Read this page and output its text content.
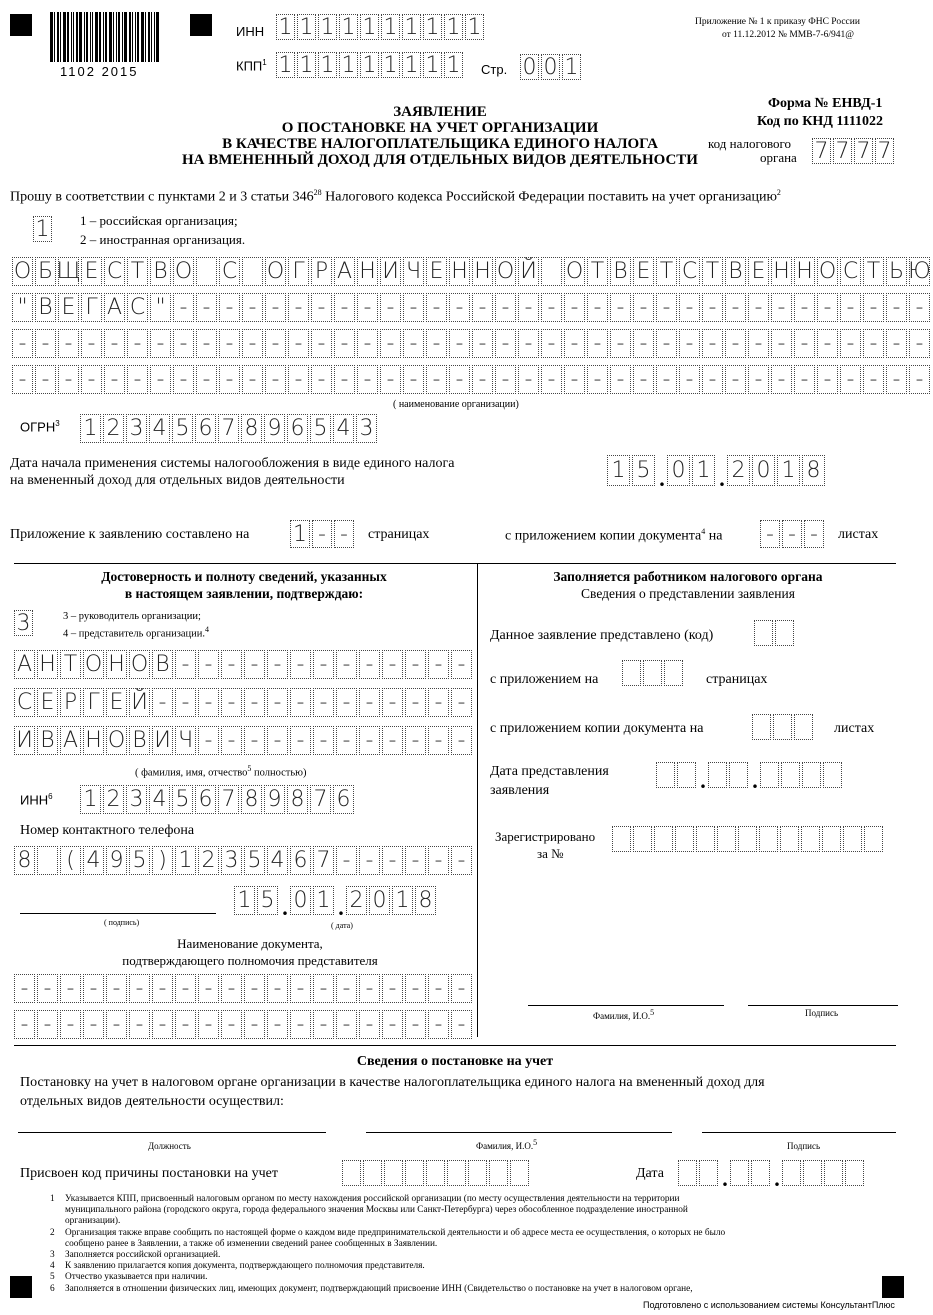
1102 2015
ИНН 1 1 1 1 1 1 1 1 1 1
КПП$^1$ 1 1 1 1 1 1 1 1 1 Стр. 0 0 1
Приложение № 1 к приказу ФНС России
от 11.12.2012 № ММВ-7-6/941@
ЗАЯВЛЕНИЕ
О ПОСТАНОВКЕ НА УЧЕТ ОРГАНИЗАЦИИ
В КАЧЕСТВЕ НАЛОГОПЛАТЕЛЬЩИКА ЕДИНОГО НАЛОГА
НА ВМЕНЕННЫЙ ДОХОД ДЛЯ ОТДЕЛЬНЫХ ВИДОВ ДЕЯТЕЛЬНОСТИ
Форма № ЕНВД-1
Код по КНД 1111022
код налогового
органа 7 7 7 7
Прошу в соответствии с пунктами 2 и 3 статьи $346^{28}$ Налогового кодекса Российской Федерации поставить на учет организацию$^2$
1 1 – российская организация;
2 – иностранная организация.
О Б Щ Е С Т В О С О Г Р А Н И Ч Е Н Н О Й О Т В Е Т С Т В Е Н Н О С Т Ь Ю
" В Е Г А С " - - - - - - - - - - - - - - - - - - - - - - - - - - - - - - - - -
- - - - - - - - - - - - - - - - - - - - - - - - - - - - - - - - - - - - - - - -
- - - - - - - - - - - - - - - - - - - - - - - - - - - - - - - - - - - - - - - -
( наименование организации)
ОГРН$^3$ 1 2 3 4 5 6 7 8 9 6 5 4 3
Дата начала применения системы налогообложения в виде единого налога
на вмененный доход для отдельных видов деятельности	1 5 . 0 1 . 2 0 1 8
Приложение к заявлению составлено на 1 - -	страницах	с приложением копии документа$^4$ на - - -	листах
Достоверность и полноту сведений, указанных
в настоящем заявлении, подтверждаю:
3	3 – руководитель организации;
4 – представитель организации.$^4$
А Н Т О Н О В - - - - - - - - - - - - -
С Е Р Г Е Й - - - - - - - - - - - - - -
И В А Н О В И Ч - - - - - - - - - - - -
( фамилия, имя, отчество$^5$ полностью)
ИНН$^6$ 1 2 3 4 5 6 7 8 9 8 7 6
Номер контактного телефона
8 ( 4 9 5 ) 1 2 3 5 4 6 7 - - - - - -
( подпись)
1 5 . 0 1 . 2 0 1 8
( дата)
Наименование документа,
подтверждающего полномочия представителя
- - - - - - - - - - - - - - - - - - - -
- - - - - - - - - - - - - - - - - - - -
Заполняется работником налогового органа
Сведения о представлении заявления
Данное заявление представлено (код)
с приложением на	страницах
с приложением копии документа на	листах
Дата представления
заявления	. .
Зарегистрировано
за №
Фамилия, И.О.$^5$	Подпись
Сведения о постановке на учет
Постановку на учет в налоговом органе организации в качестве налогоплательщика единого налога на вмененный доход для
отдельных видов деятельности осуществил:
Должность	Фамилия, И.О.$^5$	Подпись
Присвоен код причины постановки на учет	Дата	. .
1	Указывается КПП, присвоенный налоговым органом по месту нахождения российской организации (по месту осуществления деятельности на территории
муниципального района (городского округа, города федерального значения Москвы или Санкт-Петербурга) через обособленное подразделение иностранной
организации).
2	Организация также вправе сообщить по настоящей форме о каждом виде предпринимательской деятельности и об адресе места ее осуществления, о которых не было
сообщено ранее в Заявлении, а также об изменении сведений ранее сообщенных в Заявлении.
3	Заполняется российской организацией.
4	К заявлению прилагается копия документа, подтверждающего полномочия представителя.
5	Отчество указывается при наличии.
6	Заполняется в отношении физических лиц, имеющих документ, подтверждающий присвоение ИНН (Свидетельство о постановке на учет в налоговом органе,
Подготовлено с использованием системы КонсультантПлюс
